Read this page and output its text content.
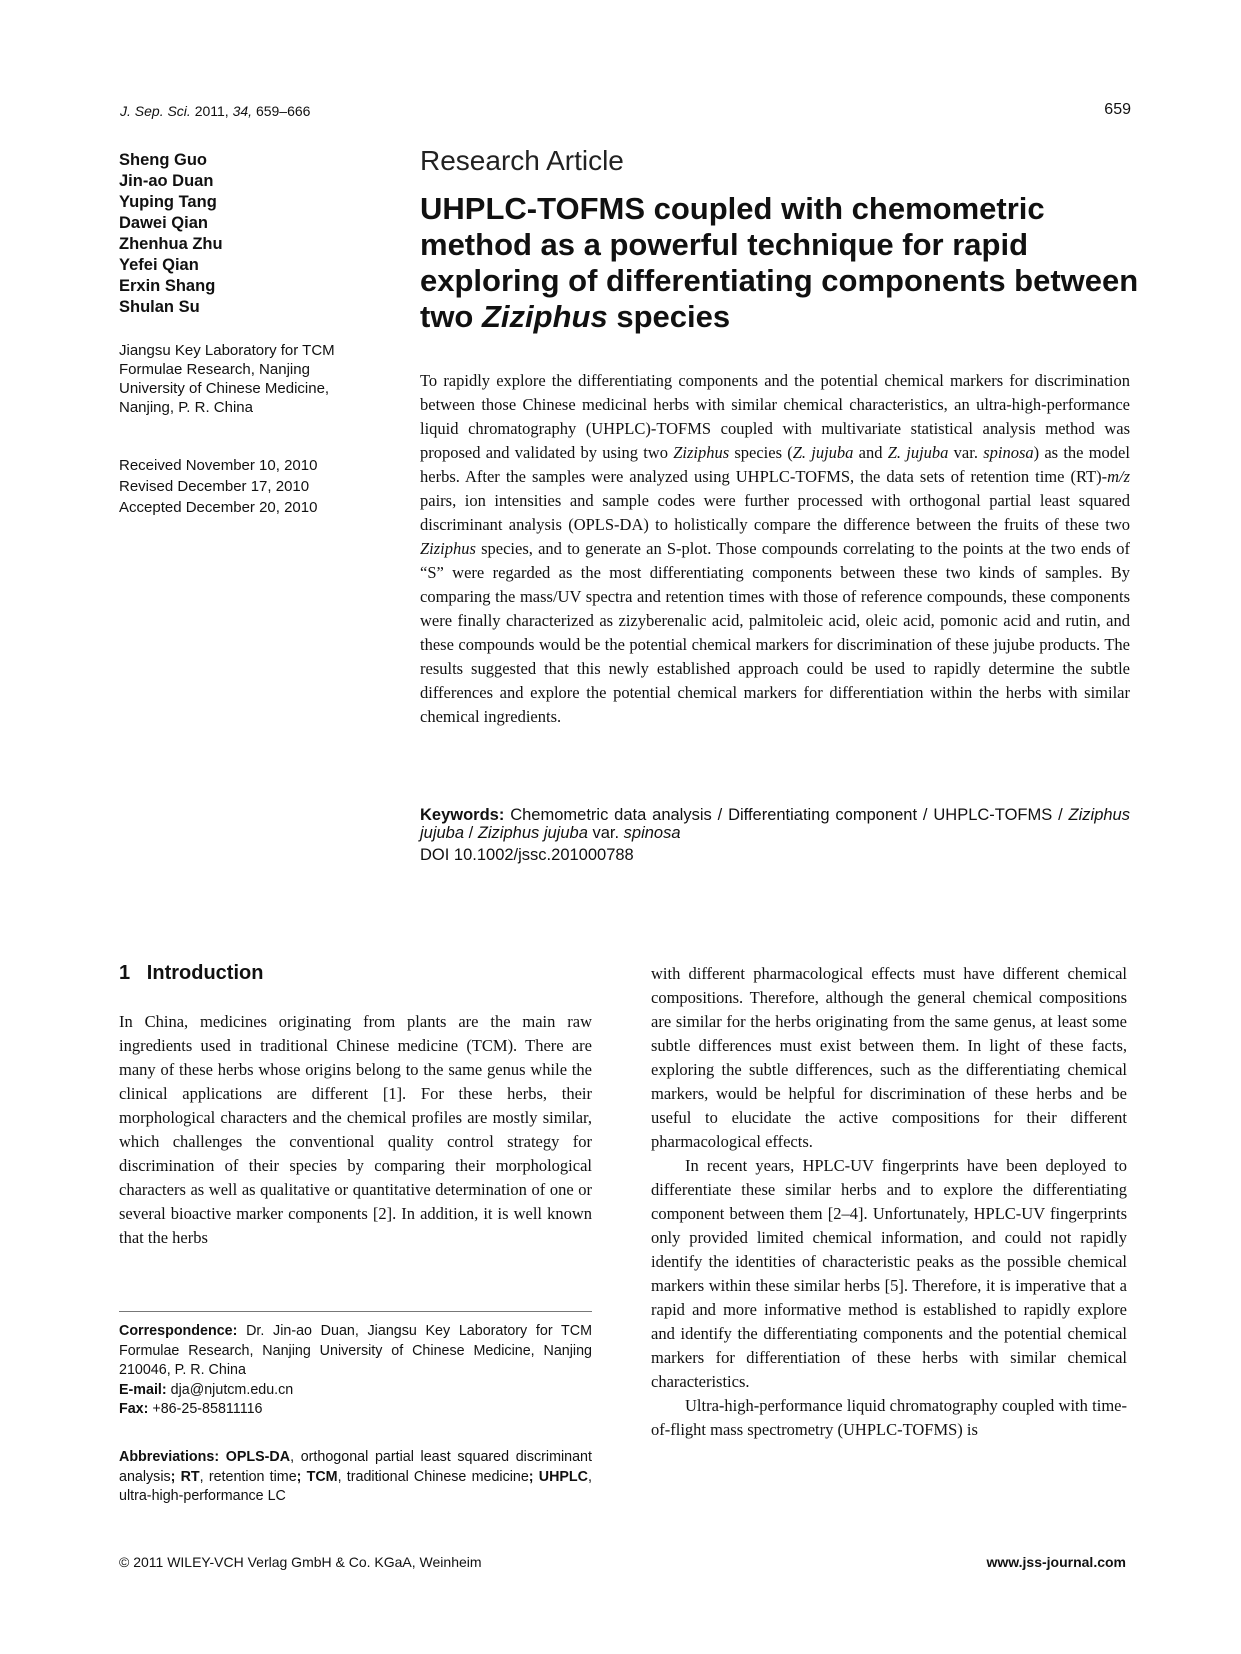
J. Sep. Sci. 2011, 34, 659–666	659
Sheng Guo
Jin-ao Duan
Yuping Tang
Dawei Qian
Zhenhua Zhu
Yefei Qian
Erxin Shang
Shulan Su
Jiangsu Key Laboratory for TCM
Formulae Research, Nanjing
University of Chinese Medicine,
Nanjing, P. R. China
Received November 10, 2010
Revised December 17, 2010
Accepted December 20, 2010
Research Article
UHPLC-TOFMS coupled with chemometric method as a powerful technique for rapid exploring of differentiating components between two Ziziphus species

To rapidly explore the differentiating components and the potential chemical markers for discrimination between those Chinese medicinal herbs with similar chemical characteristics, an ultra-high-performance liquid chromatography (UHPLC)-TOFMS coupled with multivariate statistical analysis method was proposed and validated by using two Ziziphus species (Z. jujuba and Z. jujuba var. spinosa) as the model herbs. After the samples were analyzed using UHPLC-TOFMS, the data sets of retention time (RT)-m/z pairs, ion intensities and sample codes were further processed with orthogonal partial least squared discriminant analysis (OPLS-DA) to holistically compare the difference between the fruits of these two Ziziphus species, and to generate an S-plot. Those compounds correlating to the points at the two ends of “S” were regarded as the most differentiating components between these two kinds of samples. By comparing the mass/UV spectra and retention times with those of reference compounds, these components were finally characterized as zizyberenalic acid, palmitoleic acid, oleic acid, pomonic acid and rutin, and these compounds would be the potential chemical markers for discrimination of these jujube products. The results suggested that this newly established approach could be used to rapidly determine the subtle differences and explore the potential chemical markers for differentiation within the herbs with similar chemical ingredients.

Keywords: Chemometric data analysis / Differentiating component / UHPLC-TOFMS / Ziziphus jujuba / Ziziphus jujuba var. spinosa
DOI 10.1002/jssc.201000788
1 Introduction

In China, medicines originating from plants are the main raw ingredients used in traditional Chinese medicine (TCM). There are many of these herbs whose origins belong to the same genus while the clinical applications are different [1]. For these herbs, their morphological characters and the chemical profiles are mostly similar, which challenges the conventional quality control strategy for discrimination of their species by comparing their morphological characters as well as qualitative or quantitative determination of one or several bioactive marker components [2]. In addition, it is well known that the herbs

Correspondence: Dr. Jin-ao Duan, Jiangsu Key Laboratory for TCM Formulae Research, Nanjing University of Chinese Medicine, Nanjing 210046, P. R. China
E-mail: dja@njutcm.edu.cn
Fax: +86-25-85811116
Abbreviations: OPLS-DA, orthogonal partial least squared discriminant analysis; RT, retention time; TCM, traditional Chinese medicine; UHPLC, ultra-high-performance LC

with different pharmacological effects must have different chemical compositions. Therefore, although the general chemical compositions are similar for the herbs originating from the same genus, at least some subtle differences must exist between them. In light of these facts, exploring the subtle differences, such as the differentiating chemical markers, would be helpful for discrimination of these herbs and be useful to elucidate the active compositions for their different pharmacological effects.

In recent years, HPLC-UV fingerprints have been deployed to differentiate these similar herbs and to explore the differentiating component between them [2–4]. Unfortunately, HPLC-UV fingerprints only provided limited chemical information, and could not rapidly identify the identities of characteristic peaks as the possible chemical markers within these similar herbs [5]. Therefore, it is imperative that a rapid and more informative method is established to rapidly explore and identify the differentiating components and the potential chemical markers for differentiation of these herbs with similar chemical characteristics.

Ultra-high-performance liquid chromatography coupled with time-of-flight mass spectrometry (UHPLC-TOFMS) is

© 2011 WILEY-VCH Verlag GmbH & Co. KGaA, Weinheim	www.jss-journal.com
